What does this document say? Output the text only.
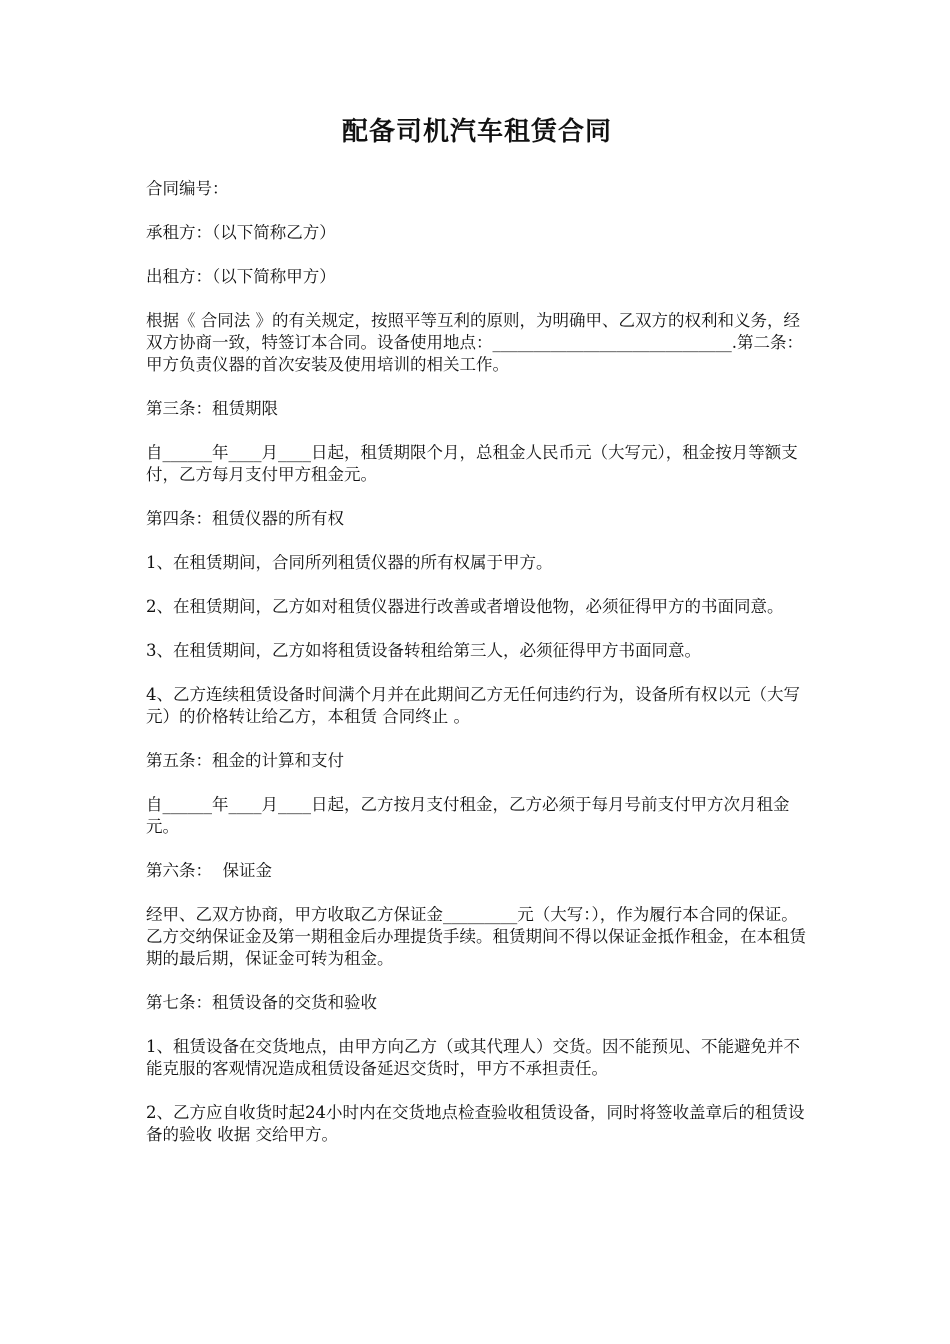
配备司机汽车租赁合同

合同编号：

承租方：（以下简称乙方）

出租方：（以下简称甲方）

根据《 合同法 》的有关规定，按照平等互利的原则，为明确甲、乙双方的权利和义务，经双方协商一致，特签订本合同。设备使用地点：_____________________________.第二条：甲方负责仪器的首次安装及使用培训的相关工作。

第三条：租赁期限

自______年____月____日起，租赁期限个月，总租金人民币元（大写元），租金按月等额支付，乙方每月支付甲方租金元。

第四条：租赁仪器的所有权

1、在租赁期间，合同所列租赁仪器的所有权属于甲方。

2、在租赁期间，乙方如对租赁仪器进行改善或者增设他物，必须征得甲方的书面同意。

3、在租赁期间，乙方如将租赁设备转租给第三人，必须征得甲方书面同意。

4、乙方连续租赁设备时间满个月并在此期间乙方无任何违约行为，设备所有权以元（大写元）的价格转让给乙方，本租赁 合同终止 。

第五条：租金的计算和支付

自______年____月____日起，乙方按月支付租金，乙方必须于每月号前支付甲方次月租金元。

第六条：  保证金

经甲、乙双方协商，甲方收取乙方保证金_________元（大写：），作为履行本合同的保证。乙方交纳保证金及第一期租金后办理提货手续。租赁期间不得以保证金抵作租金，在本租赁期的最后期，保证金可转为租金。

第七条：租赁设备的交货和验收

1、租赁设备在交货地点，由甲方向乙方（或其代理人）交货。因不能预见、不能避免并不能克服的客观情况造成租赁设备延迟交货时，甲方不承担责任。

2、乙方应自收货时起24小时内在交货地点检查验收租赁设备，同时将签收盖章后的租赁设备的验收 收据 交给甲方。
